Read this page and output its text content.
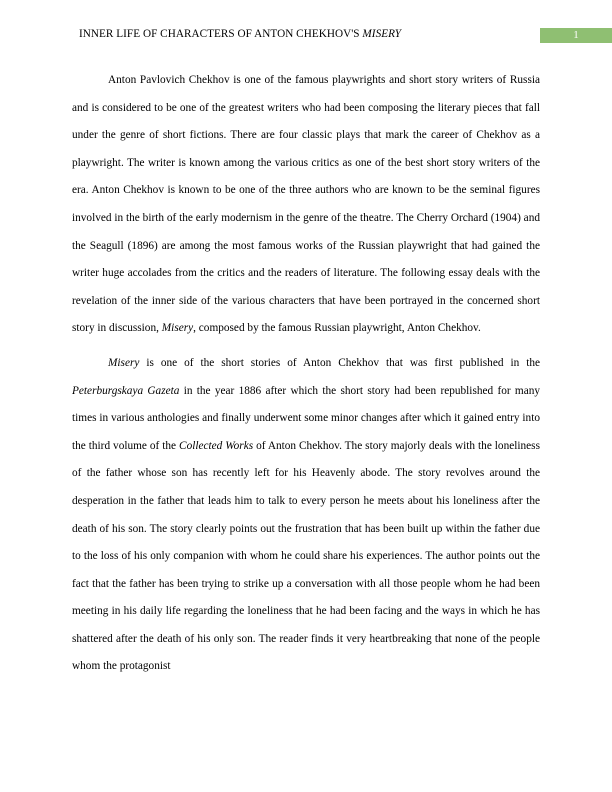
INNER LIFE OF CHARACTERS OF ANTON CHEKHOV'S MISERY	1

Anton Pavlovich Chekhov is one of the famous playwrights and short story writers of Russia and is considered to be one of the greatest writers who had been composing the literary pieces that fall under the genre of short fictions. There are four classic plays that mark the career of Chekhov as a playwright. The writer is known among the various critics as one of the best short story writers of the era. Anton Chekhov is known to be one of the three authors who are known to be the seminal figures involved in the birth of the early modernism in the genre of the theatre. The Cherry Orchard (1904) and the Seagull (1896) are among the most famous works of the Russian playwright that had gained the writer huge accolades from the critics and the readers of literature. The following essay deals with the revelation of the inner side of the various characters that have been portrayed in the concerned short story in discussion, Misery, composed by the famous Russian playwright, Anton Chekhov.

Misery is one of the short stories of Anton Chekhov that was first published in the Peterburgskaya Gazeta in the year 1886 after which the short story had been republished for many times in various anthologies and finally underwent some minor changes after which it gained entry into the third volume of the Collected Works of Anton Chekhov. The story majorly deals with the loneliness of the father whose son has recently left for his Heavenly abode. The story revolves around the desperation in the father that leads him to talk to every person he meets about his loneliness after the death of his son. The story clearly points out the frustration that has been built up within the father due to the loss of his only companion with whom he could share his experiences. The author points out the fact that the father has been trying to strike up a conversation with all those people whom he had been meeting in his daily life regarding the loneliness that he had been facing and the ways in which he has shattered after the death of his only son. The reader finds it very heartbreaking that none of the people whom the protagonist
